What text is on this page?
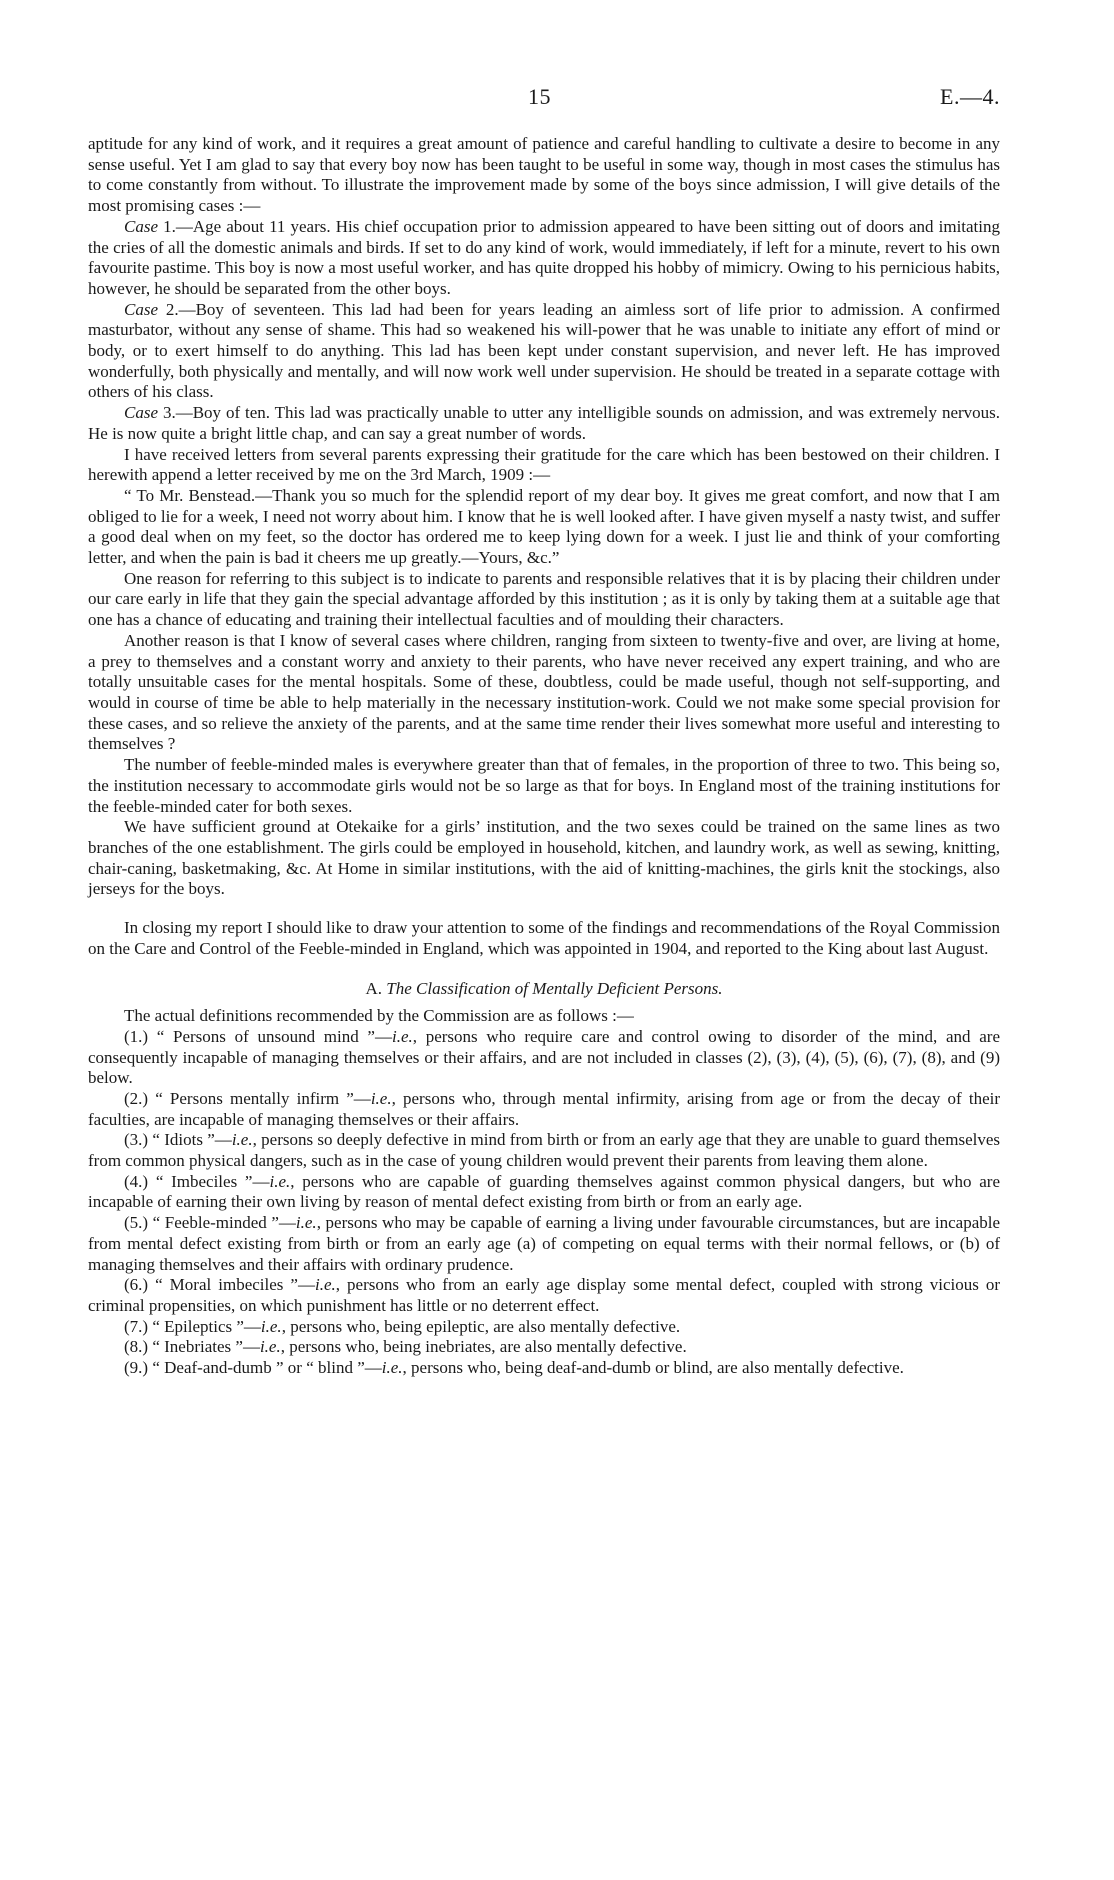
15	E.—4.

aptitude for any kind of work, and it requires a great amount of patience and careful handling to cultivate a desire to become in any sense useful. Yet I am glad to say that every boy now has been taught to be useful in some way, though in most cases the stimulus has to come constantly from without. To illustrate the improvement made by some of the boys since admission, I will give details of the most promising cases :—

Case 1.—Age about 11 years. His chief occupation prior to admission appeared to have been sitting out of doors and imitating the cries of all the domestic animals and birds. If set to do any kind of work, would immediately, if left for a minute, revert to his own favourite pastime. This boy is now a most useful worker, and has quite dropped his hobby of mimicry. Owing to his pernicious habits, however, he should be separated from the other boys.

Case 2.—Boy of seventeen. This lad had been for years leading an aimless sort of life prior to admission. A confirmed masturbator, without any sense of shame. This had so weakened his will-power that he was unable to initiate any effort of mind or body, or to exert himself to do anything. This lad has been kept under constant supervision, and never left. He has improved wonderfully, both physically and mentally, and will now work well under supervision. He should be treated in a separate cottage with others of his class.

Case 3.—Boy of ten. This lad was practically unable to utter any intelligible sounds on admission, and was extremely nervous. He is now quite a bright little chap, and can say a great number of words.

I have received letters from several parents expressing their gratitude for the care which has been bestowed on their children. I herewith append a letter received by me on the 3rd March, 1909 :—

“ To Mr. Benstead.—Thank you so much for the splendid report of my dear boy. It gives me great comfort, and now that I am obliged to lie for a week, I need not worry about him. I know that he is well looked after. I have given myself a nasty twist, and suffer a good deal when on my feet, so the doctor has ordered me to keep lying down for a week. I just lie and think of your comforting letter, and when the pain is bad it cheers me up greatly.—Yours, &c.”

One reason for referring to this subject is to indicate to parents and responsible relatives that it is by placing their children under our care early in life that they gain the special advantage afforded by this institution ; as it is only by taking them at a suitable age that one has a chance of educating and training their intellectual faculties and of moulding their characters.

Another reason is that I know of several cases where children, ranging from sixteen to twenty-five and over, are living at home, a prey to themselves and a constant worry and anxiety to their parents, who have never received any expert training, and who are totally unsuitable cases for the mental hospitals. Some of these, doubtless, could be made useful, though not self-supporting, and would in course of time be able to help materially in the necessary institution-work. Could we not make some special provision for these cases, and so relieve the anxiety of the parents, and at the same time render their lives somewhat more useful and interesting to themselves ?

The number of feeble-minded males is everywhere greater than that of females, in the proportion of three to two. This being so, the institution necessary to accommodate girls would not be so large as that for boys. In England most of the training institutions for the feeble-minded cater for both sexes.

We have sufficient ground at Otekaike for a girls’ institution, and the two sexes could be trained on the same lines as two branches of the one establishment. The girls could be employed in household, kitchen, and laundry work, as well as sewing, knitting, chair-caning, basketmaking, &c. At Home in similar institutions, with the aid of knitting-machines, the girls knit the stockings, also jerseys for the boys.

In closing my report I should like to draw your attention to some of the findings and recommendations of the Royal Commission on the Care and Control of the Feeble-minded in England, which was appointed in 1904, and reported to the King about last August.

A. The Classification of Mentally Deficient Persons.

The actual definitions recommended by the Commission are as follows :—

(1.) “ Persons of unsound mind ”—i.e., persons who require care and control owing to disorder of the mind, and are consequently incapable of managing themselves or their affairs, and are not included in classes (2), (3), (4), (5), (6), (7), (8), and (9) below.

(2.) “ Persons mentally infirm ”—i.e., persons who, through mental infirmity, arising from age or from the decay of their faculties, are incapable of managing themselves or their affairs.

(3.) “ Idiots ”—i.e., persons so deeply defective in mind from birth or from an early age that they are unable to guard themselves from common physical dangers, such as in the case of young children would prevent their parents from leaving them alone.

(4.) “ Imbeciles ”—i.e., persons who are capable of guarding themselves against common physical dangers, but who are incapable of earning their own living by reason of mental defect existing from birth or from an early age.

(5.) “ Feeble-minded ”—i.e., persons who may be capable of earning a living under favourable circumstances, but are incapable from mental defect existing from birth or from an early age (a) of competing on equal terms with their normal fellows, or (b) of managing themselves and their affairs with ordinary prudence.

(6.) “ Moral imbeciles ”—i.e., persons who from an early age display some mental defect, coupled with strong vicious or criminal propensities, on which punishment has little or no deterrent effect.

(7.) “ Epileptics ”—i.e., persons who, being epileptic, are also mentally defective.

(8.) “ Inebriates ”—i.e., persons who, being inebriates, are also mentally defective.

(9.) “ Deaf-and-dumb ” or “ blind ”—i.e., persons who, being deaf-and-dumb or blind, are also mentally defective.
